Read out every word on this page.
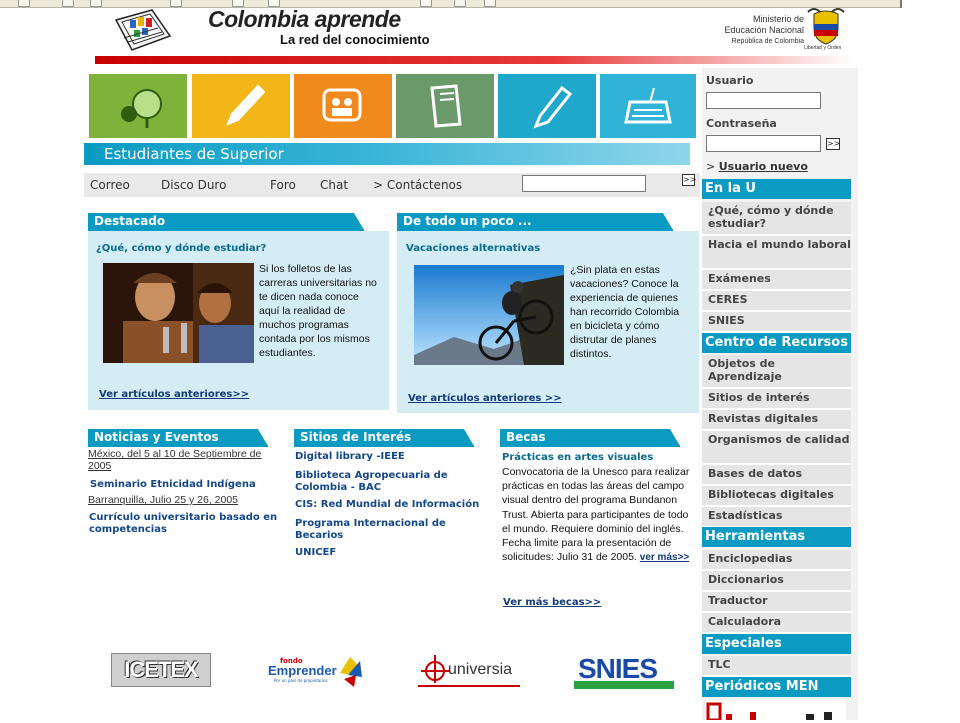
Colombia aprende
La red del conocimiento
Ministerio de
Educación Nacional
República de Colombia
Libertad y Orden
Estudiantes de Superior
Correo	Disco Duro	Foro Chat > Contáctenos	>>
Destacado
¿Qué, cómo y dónde estudiar?
Si los folletos de las carreras universitarias no te dicen nada conoce aquí la realidad de muchos programas contada por los mismos estudiantes.
Ver artículos anteriores>>
De todo un poco ...
Vacaciones alternativas
¿Sin plata en estas vacaciones? Conoce la experiencia de quienes han recorrido Colombia en bicicleta y cómo distrutar de planes distintos.
Ver artículos anteriores >>
Noticias y Eventos
México, del 5 al 10 de Septiembre de 2005
Seminario Etnicidad Indígena
Barranquilla, Julio 25 y 26, 2005
Currículo universitario basado en competencias
Sitios de Interés
Digital library -IEEE
Biblioteca Agropecuaria de Colombia - BAC
CIS: Red Mundial de Información
Programa Internacional de Becarios
UNICEF
Becas
Prácticas en artes visuales
Convocatoria de la Unesco para realizar prácticas en todas las áreas del campo visual dentro del programa Bundanon Trust. Abierta para participantes de todo el mundo. Requiere dominio del inglés. Fecha limite para la presentación de solicitudes: Julio 31 de 2005. ver más>>
Ver más becas>>
Usuario
Contraseña
>>
> Usuario nuevo
En la U
¿Qué, cómo y dónde estudiar?
Hacia el mundo laboral
Exámenes
CERES
SNIES
Centro de Recursos
Objetos de Aprendizaje
Sitios de interés
Revistas digitales
Organismos de calidad
Bases de datos
Bibliotecas digitales
Estadísticas
Herramientas
Enciclopedias
Diccionarios
Traductor
Calculadora
Especiales
TLC
Periódicos MEN
ICETEX	fondo
Emprender
Por un país de propietarios
universia SNIES
